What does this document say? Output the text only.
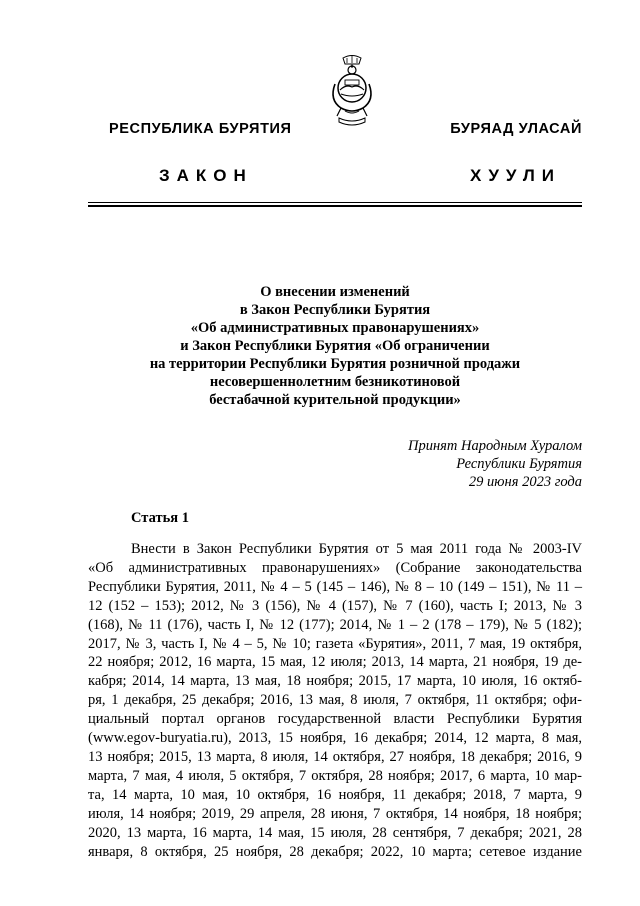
РЕСПУБЛИКА БУРЯТИЯ	БУРЯАД УЛАСАЙ
ЗАКОН	ХУУЛИ
О внесении изменений
в Закон Республики Бурятия
«Об административных правонарушениях»
и Закон Республики Бурятия «Об ограничении
на территории Республики Бурятия розничной продажи
несовершеннолетним безникотиновой
бестабачной курительной продукции»
Принят Народным Хуралом
Республики Бурятия
29 июня 2023 года
Статья 1
Внести в Закон Республики Бурятия от 5 мая 2011 года № 2003-IV
«Об административных правонарушениях» (Собрание законодательства
Республики Бурятия, 2011, № 4 – 5 (145 – 146), № 8 – 10 (149 – 151), № 11 –
12 (152 – 153); 2012, № 3 (156), № 4 (157), № 7 (160), часть I; 2013, № 3
(168), № 11 (176), часть I, № 12 (177); 2014, № 1 – 2 (178 – 179), № 5 (182);
2017, № 3, часть I, № 4 – 5, № 10; газета «Бурятия», 2011, 7 мая, 19 октября,
22 ноября; 2012, 16 марта, 15 мая, 12 июля; 2013, 14 марта, 21 ноября, 19 де-
кабря; 2014, 14 марта, 13 мая, 18 ноября; 2015, 17 марта, 10 июля, 16 октяб-
ря, 1 декабря, 25 декабря; 2016, 13 мая, 8 июля, 7 октября, 11 октября; офи-
циальный портал органов государственной власти Республики Бурятия
(www.egov-buryatia.ru), 2013, 15 ноября, 16 декабря; 2014, 12 марта, 8 мая,
13 ноября; 2015, 13 марта, 8 июля, 14 октября, 27 ноября, 18 декабря; 2016, 9
марта, 7 мая, 4 июля, 5 октября, 7 октября, 28 ноября; 2017, 6 марта, 10 мар-
та, 14 марта, 10 мая, 10 октября, 16 ноября, 11 декабря; 2018, 7 марта, 9
июля, 14 ноября; 2019, 29 апреля, 28 июня, 7 октября, 14 ноября, 18 ноября;
2020, 13 марта, 16 марта, 14 мая, 15 июля, 28 сентября, 7 декабря; 2021, 28
января, 8 октября, 25 ноября, 28 декабря; 2022, 10 марта; сетевое издание
